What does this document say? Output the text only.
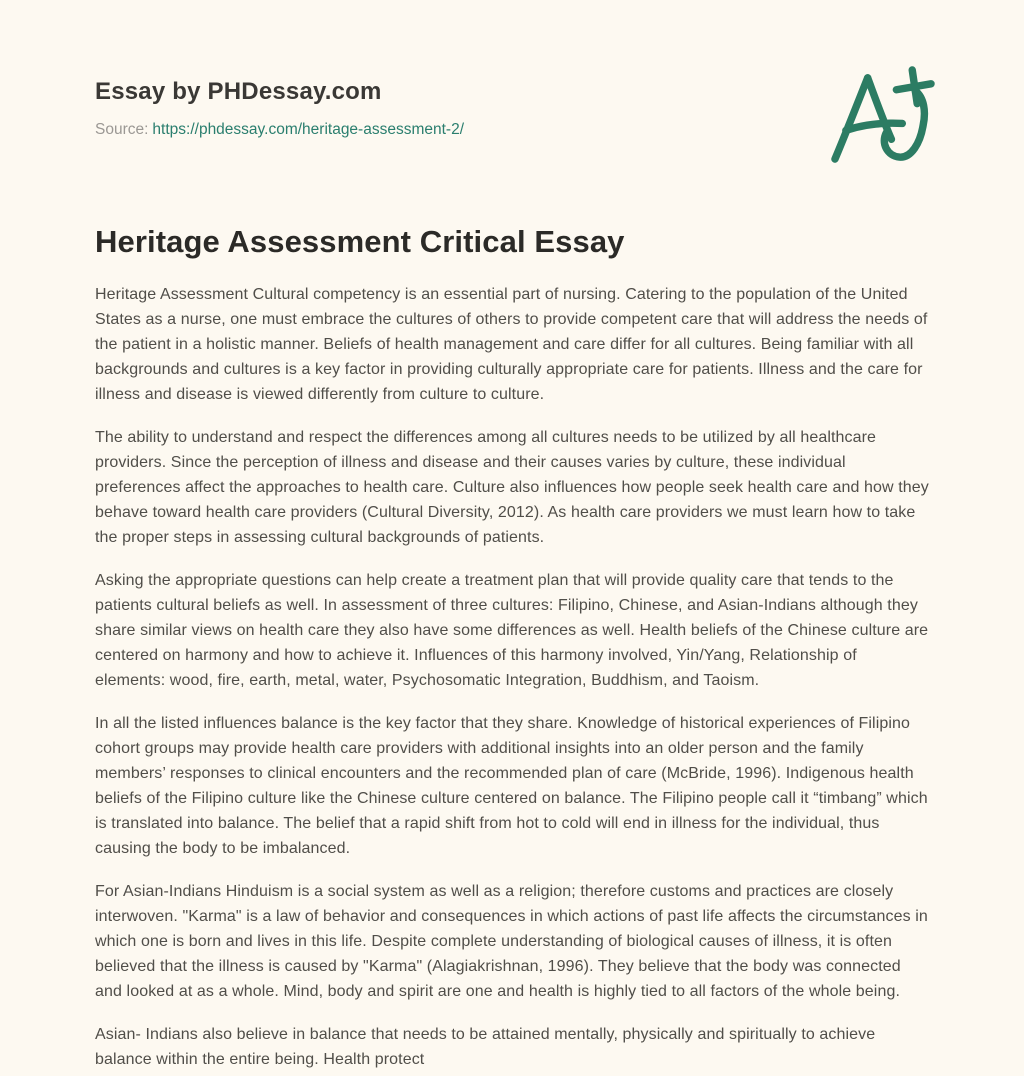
Essay by PHDessay.com
Source: https://phdessay.com/heritage-assessment-2/
Heritage Assessment Critical Essay

Heritage Assessment Cultural competency is an essential part of nursing. Catering to the population of the United States as a nurse, one must embrace the cultures of others to provide competent care that will address the needs of the patient in a holistic manner. Beliefs of health management and care differ for all cultures. Being familiar with all backgrounds and cultures is a key factor in providing culturally appropriate care for patients. Illness and the care for illness and disease is viewed differently from culture to culture.

The ability to understand and respect the differences among all cultures needs to be utilized by all healthcare providers. Since the perception of illness and disease and their causes varies by culture, these individual preferences affect the approaches to health care. Culture also influences how people seek health care and how they behave toward health care providers (Cultural Diversity, 2012). As health care providers we must learn how to take the proper steps in assessing cultural backgrounds of patients.

Asking the appropriate questions can help create a treatment plan that will provide quality care that tends to the patients cultural beliefs as well. In assessment of three cultures: Filipino, Chinese, and Asian-Indians although they share similar views on health care they also have some differences as well. Health beliefs of the Chinese culture are centered on harmony and how to achieve it. Influences of this harmony involved, Yin/Yang, Relationship of elements: wood, fire, earth, metal, water, Psychosomatic Integration, Buddhism, and Taoism.

In all the listed influences balance is the key factor that they share. Knowledge of historical experiences of Filipino cohort groups may provide health care providers with additional insights into an older person and the family members’ responses to clinical encounters and the recommended plan of care (McBride, 1996). Indigenous health beliefs of the Filipino culture like the Chinese culture centered on balance. The Filipino people call it “timbang” which is translated into balance. The belief that a rapid shift from hot to cold will end in illness for the individual, thus causing the body to be imbalanced.

For Asian-Indians Hinduism is a social system as well as a religion; therefore customs and practices are closely interwoven. "Karma" is a law of behavior and consequences in which actions of past life affects the circumstances in which one is born and lives in this life. Despite complete understanding of biological causes of illness, it is often believed that the illness is caused by "Karma" (Alagiakrishnan, 1996). They believe that the body was connected and looked at as a whole. Mind, body and spirit are one and health is highly tied to all factors of the whole being.

Asian- Indians also believe in balance that needs to be attained mentally, physically and spiritually to achieve balance within the entire being. Health protect
